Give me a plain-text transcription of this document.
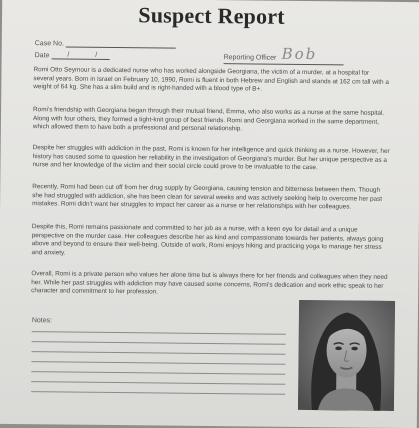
Suspect Report
Case No.
Date	/ /	Reporting Officer Bob

Romi Otto Seymour is a dedicated nurse who has worked alongside Georgiana, the victim of a murder, at a hospital for several years. Born in Israel on February 10, 1990, Romi is fluent in both Hebrew and English and stands at 162 cm tall with a weight of 64 kg. She has a slim build and is right-handed with a blood type of B+.

Romi's friendship with Georgiana began through their mutual friend, Emma, who also works as a nurse at the same hospital. Along with four others, they formed a tight-knit group of best friends. Romi and Georgiana worked in the same department, which allowed them to have both a professional and personal relationship.

Despite her struggles with addiction in the past, Romi is known for her intelligence and quick thinking as a nurse. However, her history has caused some to question her reliability in the investigation of Georgiana's murder. But her unique perspective as a nurse and her knowledge of the victim and their social circle could prove to be invaluable to the case.

Recently, Romi had been cut off from her drug supply by Georgiana, causing tension and bitterness between them. Though she had struggled with addiction, she has been clean for several weeks and was actively seeking help to overcome her past mistakes. Romi didn't want her struggles to impact her career as a nurse or her relationships with her colleagues.

Despite this, Romi remains passionate and committed to her job as a nurse, with a keen eye for detail and a unique perspective on the murder case. Her colleagues describe her as kind and compassionate towards her patients, always going above and beyond to ensure their well-being. Outside of work, Romi enjoys hiking and practicing yoga to manage her stress and anxiety.

Overall, Romi is a private person who values her alone time but is always there for her friends and colleagues when they need her. While her past struggles with addiction may have caused some concerns, Romi's dedication and work ethic speak to her character and commitment to her profession.

Notes:
